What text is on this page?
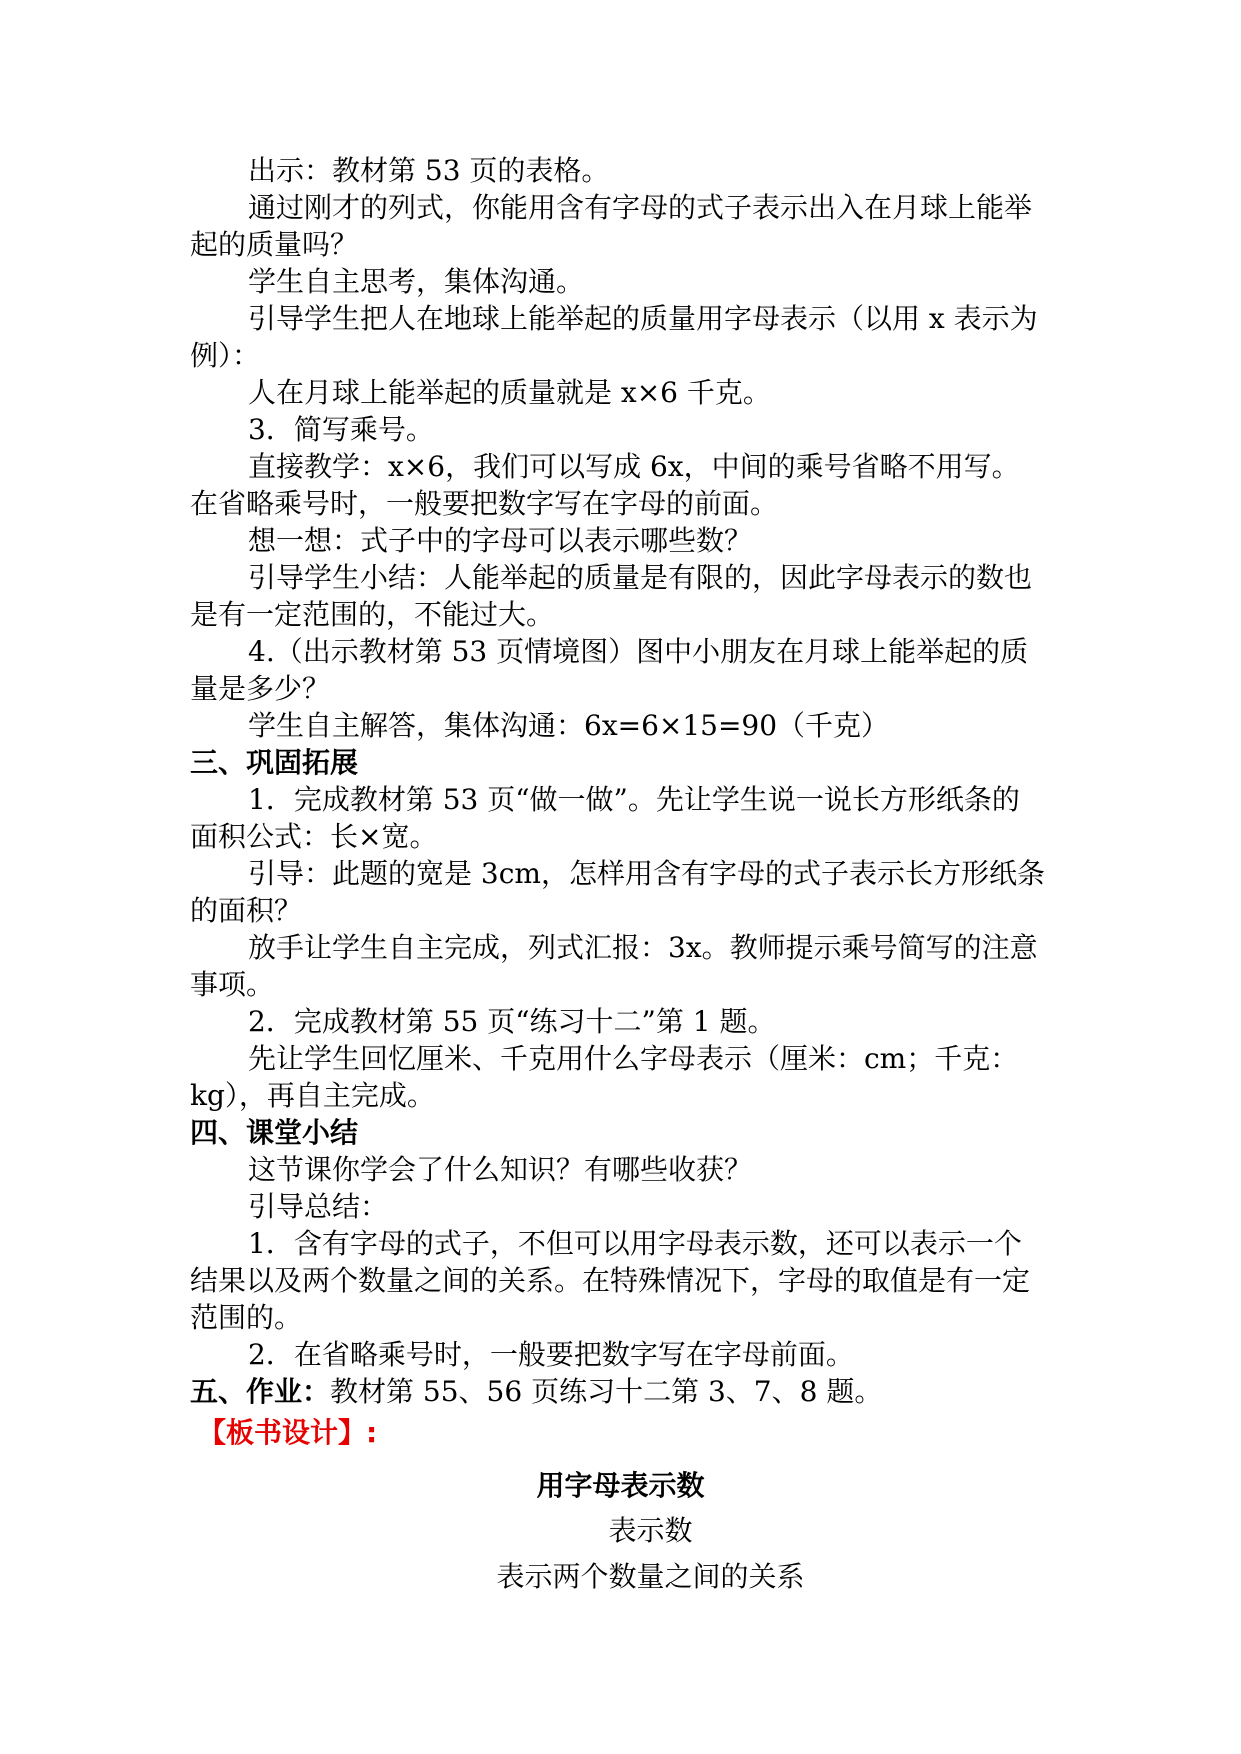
出示：教材第 53 页的表格。
通过刚才的列式，你能用含有字母的式子表示出入在月球上能举
起的质量吗？
学生自主思考，集体沟通。
引导学生把人在地球上能举起的质量用字母表示（以用 x 表示为
例）：
人在月球上能举起的质量就是 x×6 千克。
3．简写乘号。
直接教学：x×6，我们可以写成 6x，中间的乘号省略不用写。
在省略乘号时，一般要把数字写在字母的前面。
想一想：式子中的字母可以表示哪些数？
引导学生小结：人能举起的质量是有限的，因此字母表示的数也
是有一定范围的，不能过大。
4.（出示教材第 53 页情境图）图中小朋友在月球上能举起的质
量是多少？
学生自主解答，集体沟通：6x=6×15=90（千克）
三、巩固拓展
1．完成教材第 53 页“做一做”。先让学生说一说长方形纸条的
面积公式：长×宽。
引导：此题的宽是 3cm，怎样用含有字母的式子表示长方形纸条
的面积？
放手让学生自主完成，列式汇报：3x。教师提示乘号简写的注意
事项。
2．完成教材第 55 页“练习十二”第 1 题。
先让学生回忆厘米、千克用什么字母表示（厘米：cm；千克：
kg），再自主完成。
四、课堂小结
这节课你学会了什么知识？有哪些收获？
引导总结：
1．含有字母的式子，不但可以用字母表示数，还可以表示一个
结果以及两个数量之间的关系。在特殊情况下，字母的取值是有一定
范围的。
2．在省略乘号时，一般要把数字写在字母前面。
五、作业：教材第 55、56 页练习十二第 3、7、8 题。
【板书设计】:
用字母表示数
表示数
表示两个数量之间的关系
